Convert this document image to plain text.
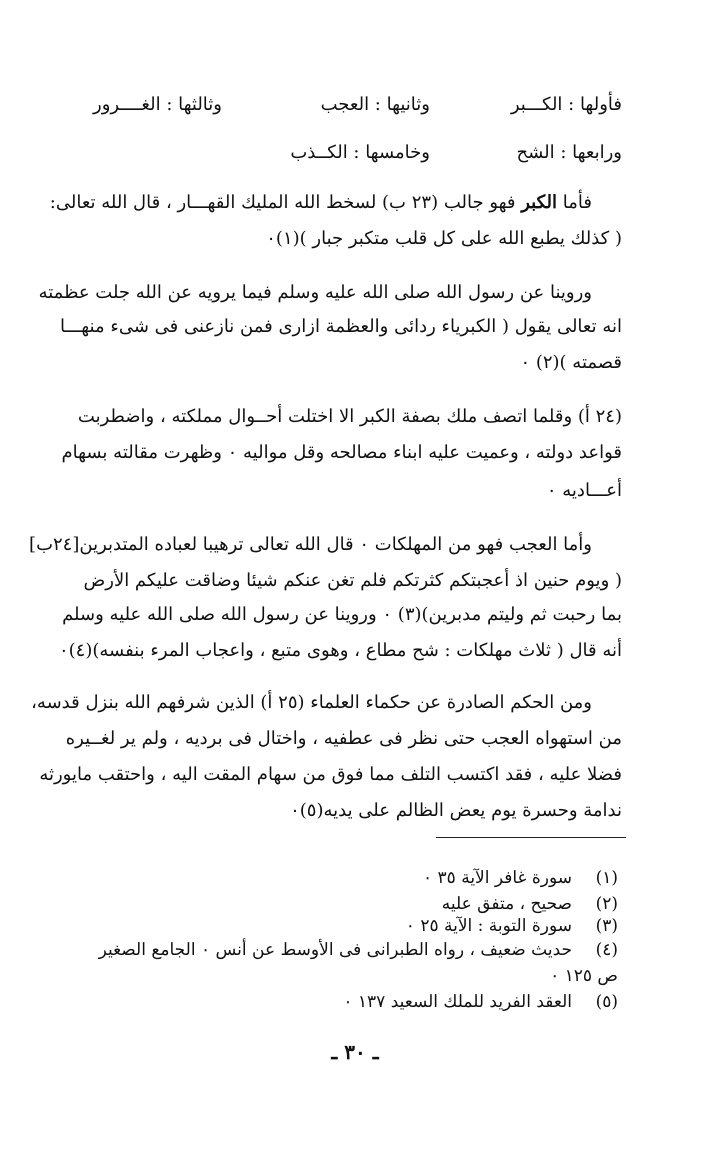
فأولها : الكـــبر
وثانيها : العجب
وثالثها : الغــــرور
ورابعها : الشح
وخامسها : الكــذب
فأما الكبر فهو جالب (٢٣ ب) لسخط الله المليك القهـــار ، قال الله تعالى:
( كذلك يطبع الله على كل قلب متكبر جبار )(١)٠
وروينا عن رسول الله صلى الله عليه وسلم فيما يرويه عن الله جلت عظمته
انه تعالى يقول ( الكبرياء ردائى والعظمة ازارى فمن نازعنى فى شىء منهـــا
قصمته )(٢) ٠
(٢٤ أ) وقلما اتصف ملك بصفة الكبر الا اختلت أحــوال مملكته ، واضطربت
قواعد دولته ، وعميت عليه ابناء مصالحه وقل مواليه ٠ وظهرت مقالته بسهام
أعـــاديه ٠
وأما العجب فهو من المهلكات ٠ قال الله تعالى ترهيبا لعباده المتدبرين[٢٤ب]
( ويوم حنين اذ أعجبتكم كثرتكم فلم تغن عنكم شيئا وضاقت عليكم الأرض
بما رحبت ثم وليتم مدبرين)(٣) ٠ وروينا عن رسول الله صلى الله عليه وسلم
أنه قال ( ثلاث مهلكات : شح مطاع ، وهوى متبع ، واعجاب المرء بنفسه)(٤)٠
ومن الحكم الصادرة عن حكماء العلماء (٢٥ أ) الذين شرفهم الله بنزل قدسه،
من استهواه العجب حتى نظر فى عطفيه ، واختال فى برديه ، ولم ير لغــيره
فضلا عليه ، فقد اكتسب التلف مما فوق من سهام المقت اليه ، واحتقب مايورثه
ندامة وحسرة يوم يعض الظالم على يديه(٥)٠
(١)
سورة غافر الآية ٣٥ ٠
(٢)
صحيح ، متفق عليه
(٣)
سورة التوبة : الآية ٢٥ ٠
(٤)
حديث ضعيف ، رواه الطبرانى فى الأوسط عن أنس ٠ الجامع الصغير
ص ١٢٥ ٠
(٥)
العقد الفريد للملك السعيد ١٣٧ ٠
ـ ٣٠ ـ
